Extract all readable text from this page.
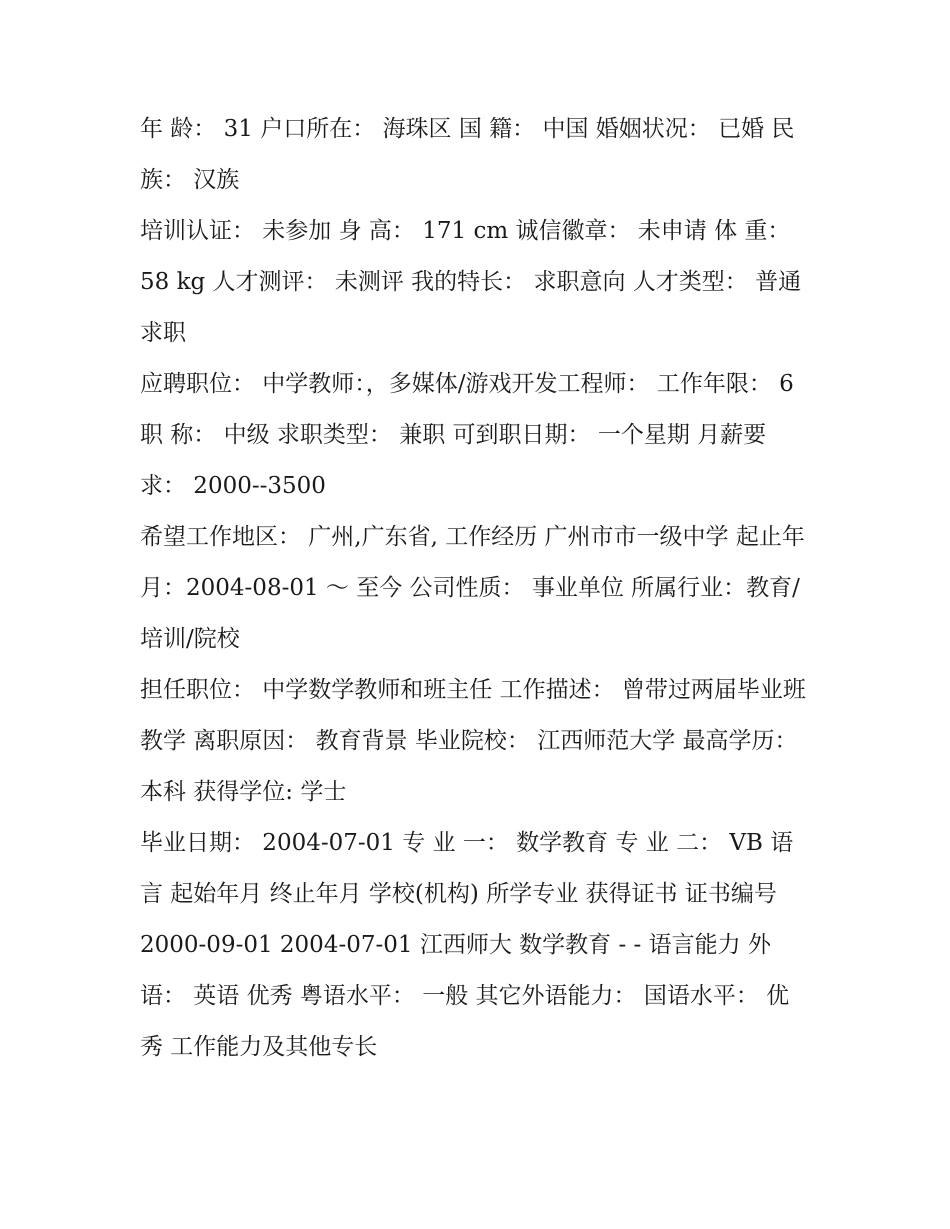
年 龄： 31 户口所在： 海珠区 国 籍： 中国 婚姻状况： 已婚 民 族： 汉族

培训认证： 未参加 身 高： 171 cm 诚信徽章： 未申请 体 重： 58 kg 人才测评： 未测评 我的特长： 求职意向 人才类型： 普通求职

应聘职位： 中学教师：，多媒体/游戏开发工程师： 工作年限： 6 职 称： 中级 求职类型： 兼职 可到职日期： 一个星期 月薪要求： 2000--3500

希望工作地区： 广州,广东省, 工作经历 广州市市一级中学 起止年月：2004-08-01 ～ 至今 公司性质： 事业单位 所属行业：教育/培训/院校

担任职位： 中学数学教师和班主任 工作描述： 曾带过两届毕业班教学 离职原因： 教育背景 毕业院校： 江西师范大学 最高学历： 本科 获得学位: 学士

毕业日期： 2004-07-01 专 业 一： 数学教育 专 业 二： VB 语言 起始年月 终止年月 学校(机构) 所学专业 获得证书 证书编号

2000-09-01 2004-07-01 江西师大 数学教育 - - 语言能力 外语： 英语 优秀 粤语水平： 一般 其它外语能力： 国语水平： 优秀 工作能力及其他专长
